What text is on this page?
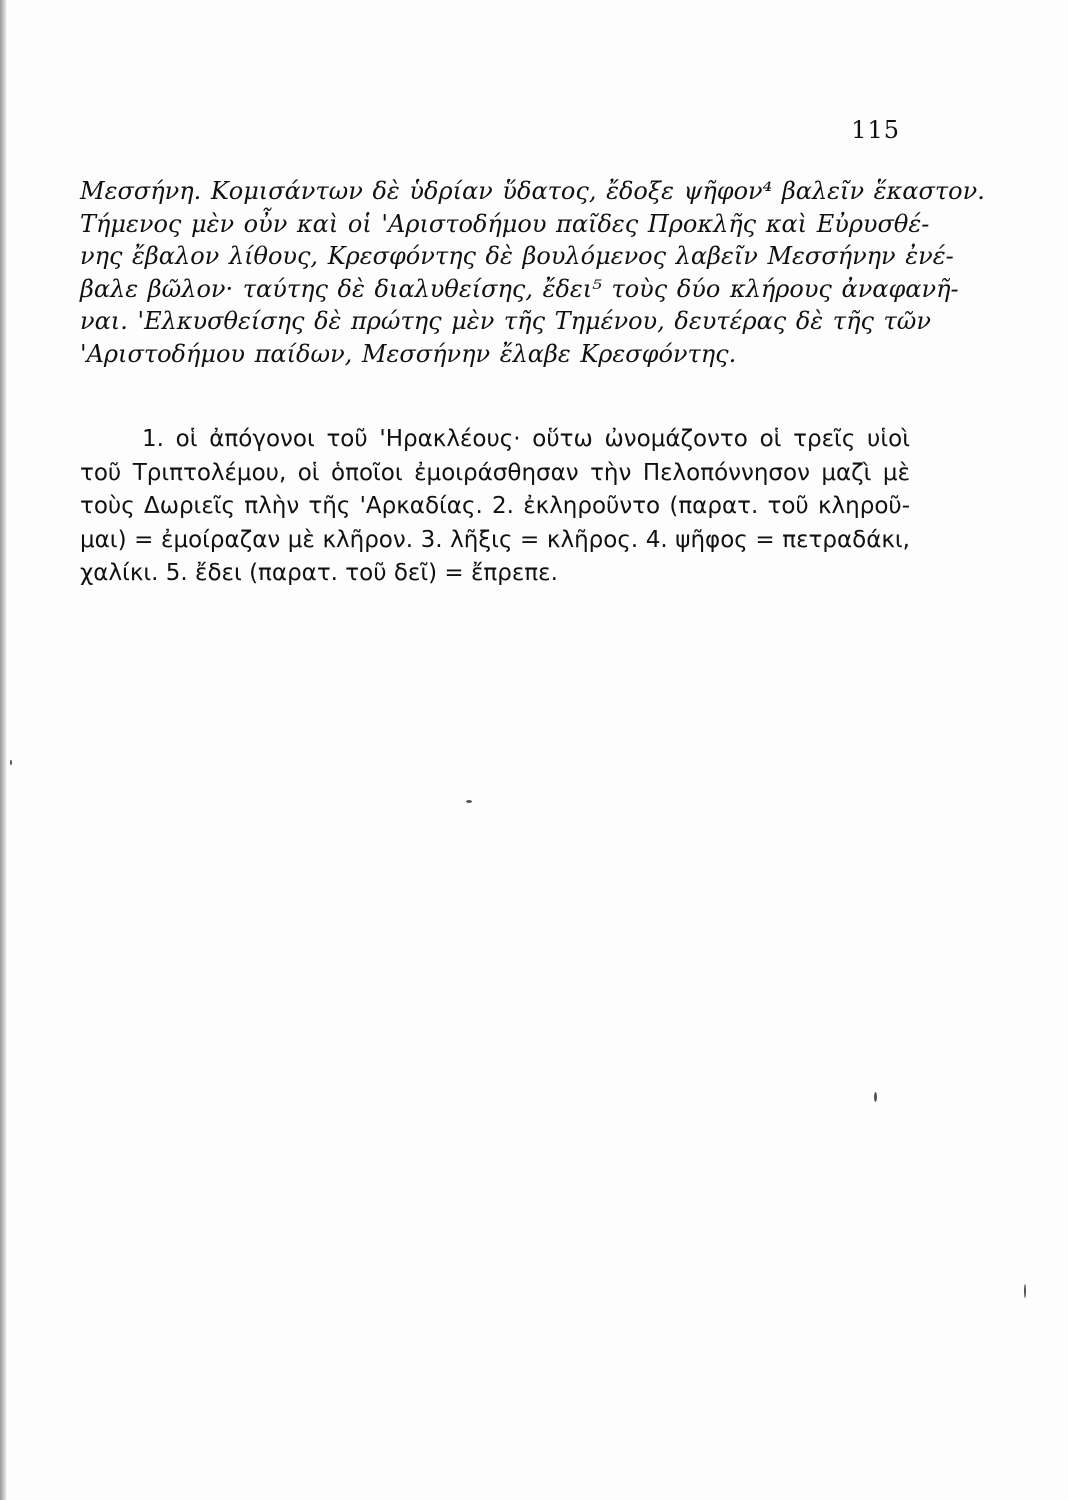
115
Μεσσήνη. Κομισάντων δὲ ὑδρίαν ὕδατος, ἔδοξε ψῆφον⁴ βαλεῖν ἕκαστον.
Τήμενος μὲν οὖν καὶ οἱ 'Αριστοδήμου παῖδες Προκλῆς καὶ Εὐρυσθέ-
νης ἔβαλον λίθους, Κρεσφόντης δὲ βουλόμενος λαβεῖν Μεσσήνην ἐνέ-
βαλε βῶλον· ταύτης δὲ διαλυθείσης, ἔδει⁵ τοὺς δύο κλήρους ἀναφανῆ-
ναι. 'Ελκυσθείσης δὲ πρώτης μὲν τῆς Τημένου, δευτέρας δὲ τῆς τῶν
'Αριστοδήμου παίδων, Μεσσήνην ἔλαβε Κρεσφόντης.
1. οἱ ἀπόγονοι τοῦ 'Ηρακλέους· οὕτω ὠνομάζοντο οἱ τρεῖς υἱοὶ
τοῦ Τριπτολέμου, οἱ ὁποῖοι ἐμοιράσθησαν τὴν Πελοπόννησον μαζὶ μὲ
τοὺς Δωριεῖς πλὴν τῆς 'Αρκαδίας. 2. ἐκληροῦντο (παρατ. τοῦ κληροῦ-
μαι) = ἐμοίραζαν μὲ κλῆρον. 3. λῆξις = κλῆρος. 4. ψῆφος = πετραδάκι,
χαλίκι. 5. ἔδει (παρατ. τοῦ δεῖ) = ἔπρεπε.
